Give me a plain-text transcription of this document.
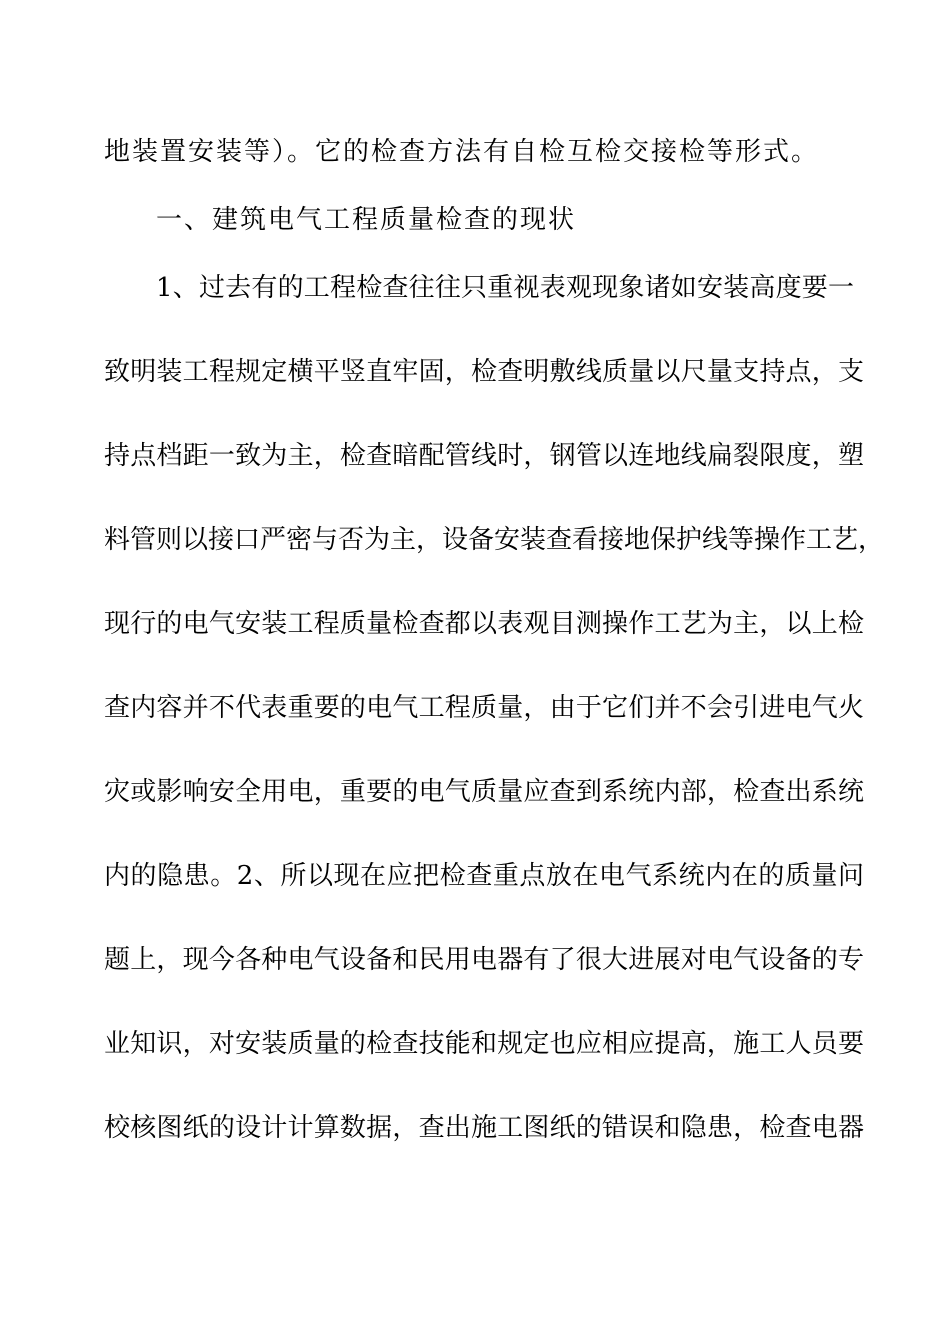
地装置安装等）。它的检查方法有自检互检交接检等形式。
一、建筑电气工程质量检查的现状
1、过去有的工程检查往往只重视表观现象诸如安装高度要一
致明装工程规定横平竖直牢固，检查明敷线质量以尺量支持点，支
持点档距一致为主，检查暗配管线时，钢管以连地线扁裂限度，塑
料管则以接口严密与否为主，设备安装查看接地保护线等操作工艺，
现行的电气安装工程质量检查都以表观目测操作工艺为主，以上检
查内容并不代表重要的电气工程质量，由于它们并不会引进电气火
灾或影响安全用电，重要的电气质量应查到系统内部，检查出系统
内的隐患。2、所以现在应把检查重点放在电气系统内在的质量问
题上，现今各种电气设备和民用电器有了很大进展对电气设备的专
业知识，对安装质量的检查技能和规定也应相应提高，施工人员要
校核图纸的设计计算数据，查出施工图纸的错误和隐患，检查电器
